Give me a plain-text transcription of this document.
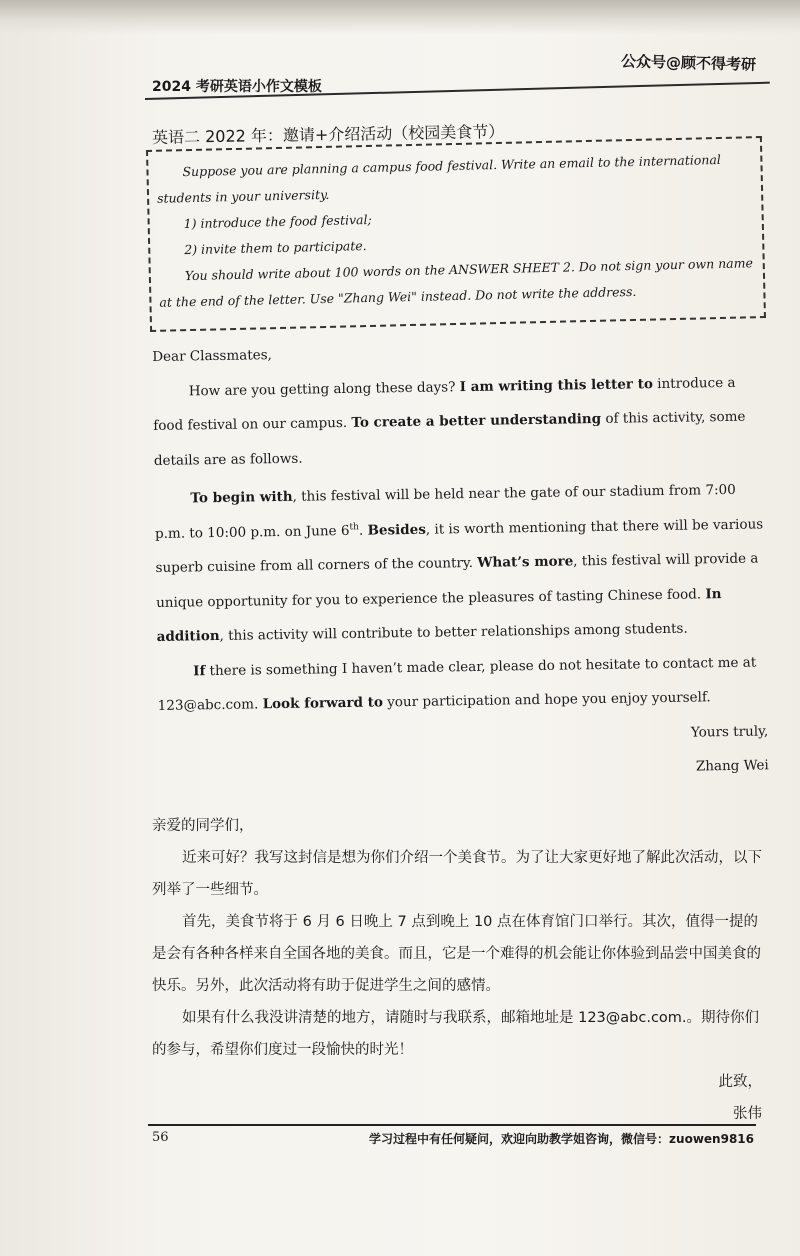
公众号@顾不得考研
2024 考研英语小作文模板
英语二 2022 年：邀请+介绍活动（校园美食节）

Suppose you are planning a campus food festival. Write an email to the international

students in your university.

1) introduce the food festival;

2) invite them to participate.

You should write about 100 words on the ANSWER SHEET 2. Do not sign your own name

at the end of the letter. Use "Zhang Wei" instead. Do not write the address.

Dear Classmates,

How are you getting along these days? I am writing this letter to introduce a food festival on our campus. To create a better understanding of this activity, some details are as follows.

To begin with, this festival will be held near the gate of our stadium from 7:00 p.m. to 10:00 p.m. on June 6th. Besides, it is worth mentioning that there will be various superb cuisine from all corners of the country. What’s more, this festival will provide a unique opportunity for you to experience the pleasures of tasting Chinese food. In addition, this activity will contribute to better relationships among students.

If there is something I haven’t made clear, please do not hesitate to contact me at 123@abc.com. Look forward to your participation and hope you enjoy yourself.

Yours truly,

Zhang Wei

亲爱的同学们，

近来可好？我写这封信是想为你们介绍一个美食节。为了让大家更好地了解此次活动，以下列举了一些细节。

首先，美食节将于 6 月 6 日晚上 7 点到晚上 10 点在体育馆门口举行。其次，值得一提的是会有各种各样来自全国各地的美食。而且，它是一个难得的机会能让你体验到品尝中国美食的快乐。另外，此次活动将有助于促进学生之间的感情。

如果有什么我没讲清楚的地方，请随时与我联系，邮箱地址是 123@abc.com.。期待你们的参与，希望你们度过一段愉快的时光！

此致，

张伟

56	学习过程中有任何疑问，欢迎向助教学姐咨询，微信号：zuowen9816
